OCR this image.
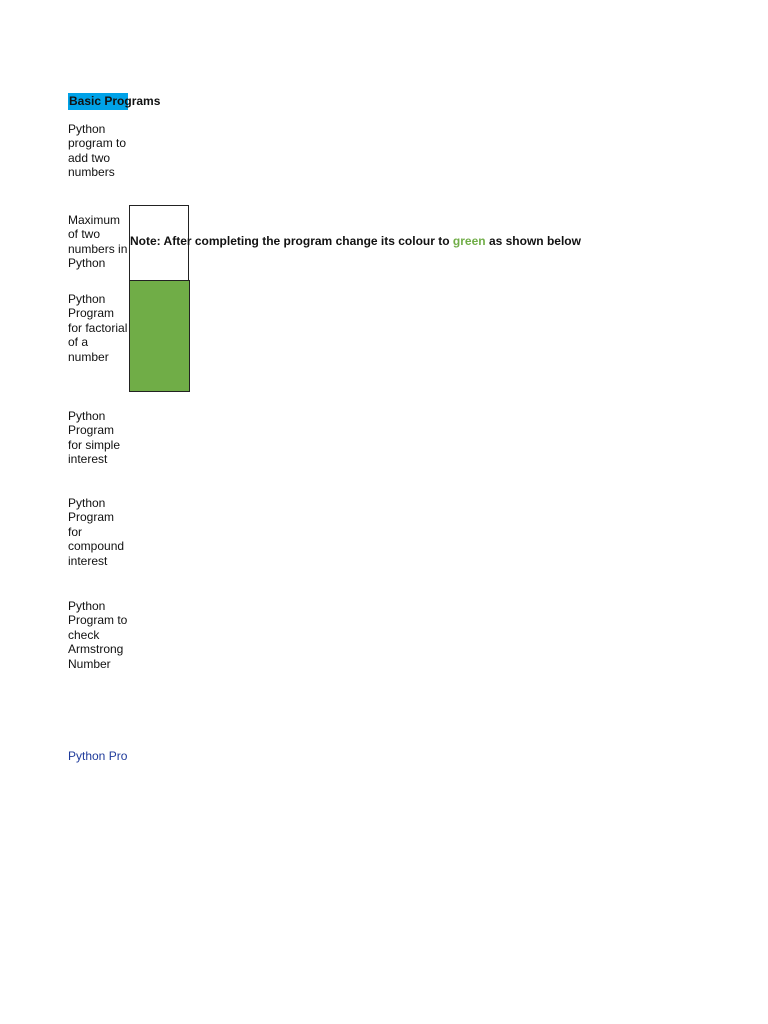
Basic Programs
Python program to add two numbers
Maximum of two numbers in Python
Python Program for factorial of a number
Python Program for simple interest
Python Program for compound interest
Python Program to check Armstrong Number
Note: After completing the program change its colour to green as shown below
Python Pro
